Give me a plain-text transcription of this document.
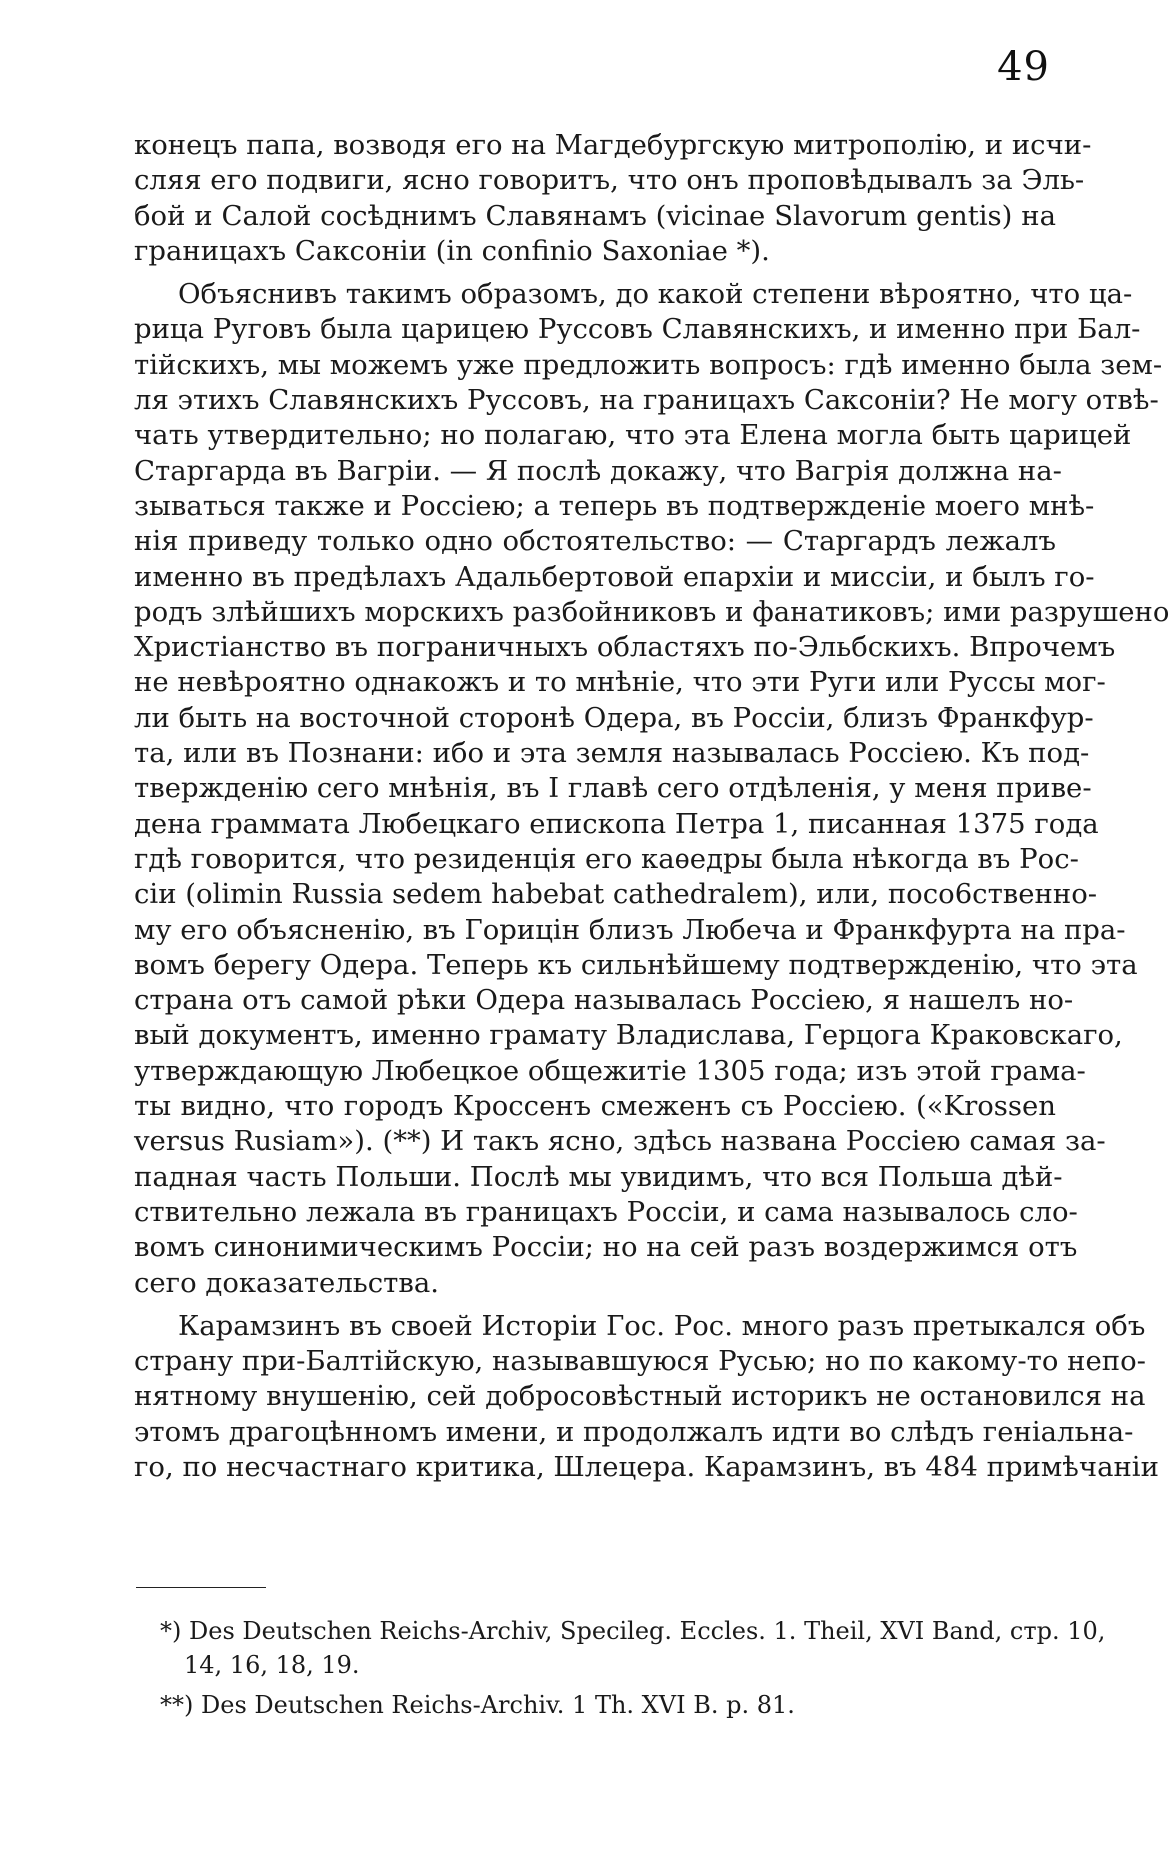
49
конецъ папа, возводя его на Магдебургскую митрополію, и исчи-
сляя его подвиги, ясно говоритъ, что онъ проповѣдывалъ за Эль-
бой и Салой сосѣднимъ Славянамъ (vicinae Slavorum gentis) на
границахъ Саксоніи (in confinio Saxoniae *).
Объяснивъ такимъ образомъ, до какой степени вѣроятно, что ца-
рица Руговъ была царицею Руссовъ Славянскихъ, и именно при Бал-
тійскихъ, мы можемъ уже предложить вопросъ: гдѣ именно была зем-
ля этихъ Славянскихъ Руссовъ, на границахъ Саксоніи? Не могу отвѣ-
чать утвердительно; но полагаю, что эта Елена могла быть царицей
Старгарда въ Вагріи. — Я послѣ докажу, что Вагрія должна на-
зываться также и Россіею; а теперь въ подтвержденіе моего мнѣ-
нія приведу только одно обстоятельство: — Старгардъ лежалъ
именно въ предѣлахъ Адальбертовой епархіи и миссіи, и былъ го-
родъ злѣйшихъ морскихъ разбойниковъ и фанатиковъ; ими разрушено
Христіанство въ пограничныхъ областяхъ по-Эльбскихъ. Впрочемъ
не невѣроятно однакожъ и то мнѣніе, что эти Руги или Руссы мог-
ли быть на восточной сторонѣ Одера, въ Россіи, близъ Франкфур-
та, или въ Познани: ибо и эта земля называлась Россіею. Къ под-
твержденію сего мнѣнія, въ I главѣ сего отдѣленія, у меня приве-
дена граммата Любецкаго епископа Петра 1, писанная 1375 года
гдѣ говорится, что резиденція его каѳедры была нѣкогда въ Рос-
сіи (olimin Russia sedem habebat cathedralem), или, посо6ственно-
му его объясненію, въ Горицін близъ Любеча и Франкфурта на пра-
вомъ берегу Одера. Теперь къ сильнѣйшему подтвержденію, что эта
страна отъ самой рѣки Одера называлась Россіею, я нашелъ но-
вый документъ, именно грамату Владислава, Герцога Краковскаго,
утверждающую Любецкое общежитіе 1305 года; изъ этой грама-
ты видно, что городъ Кроссенъ смеженъ съ Россіею. («Krossen
versus Rusiam»). (**) И такъ ясно, здѣсь названа Россіею самая за-
падная часть Польши. Послѣ мы увидимъ, что вся Польша дѣй-
ствительно лежала въ границахъ Россіи, и сама называлось сло-
вомъ синонимическимъ Россіи; но на сей разъ воздержимся отъ
сего доказательства.
Карамзинъ въ своей Исторіи Гос. Рос. много разъ претыкался объ
страну при-Балтійскую, называвшуюся Русью; но по какому-то непо-
нятному внушенію, сей добросовѣстный историкъ не остановился на
этомъ драгоцѣнномъ имени, и продолжалъ идти во слѣдъ геніальна-
го, по несчастнаго критика, Шлецера. Карамзинъ, въ 484 примѣчаніи
*) Des Deutschen Reichs-Archiv, Specileg. Eccles. 1. Theil, XVI Band, стр. 10,
14, 16, 18, 19.
**) Des Deutschen Reichs-Archiv. 1 Th. XVI B. p. 81.
